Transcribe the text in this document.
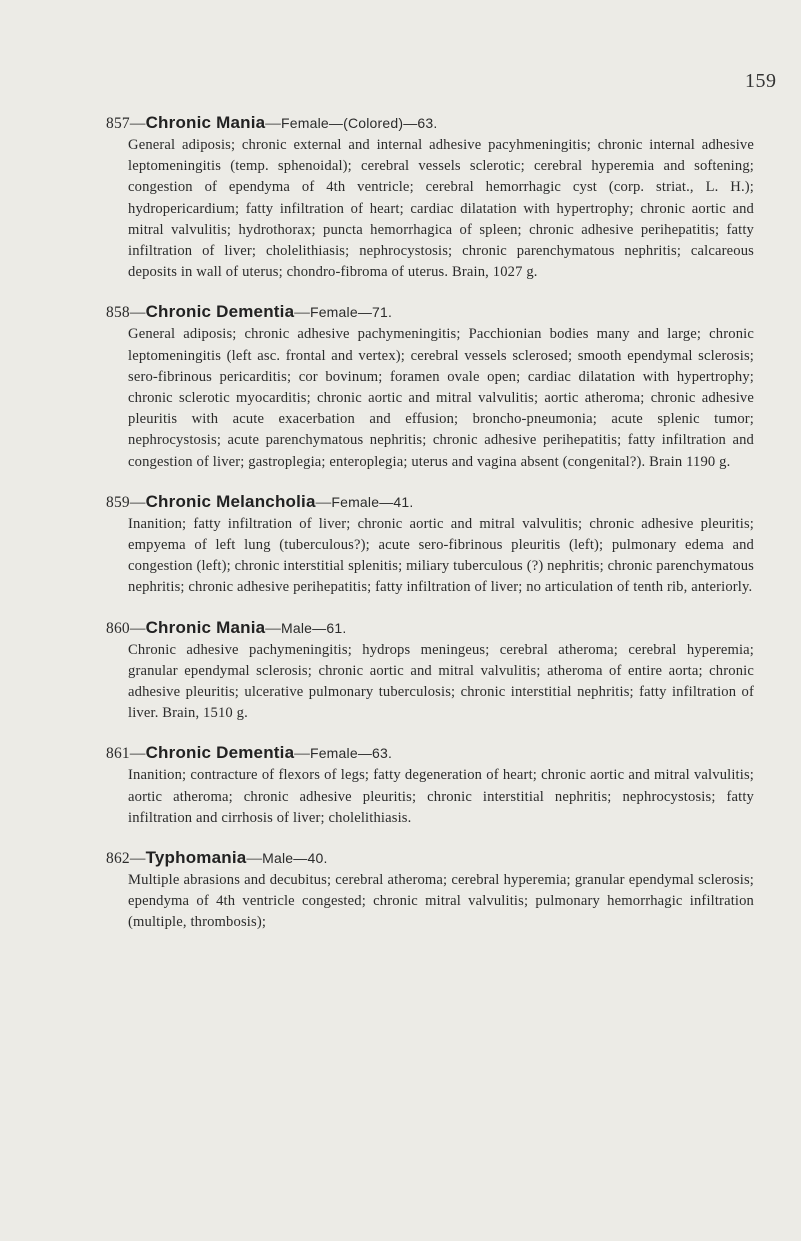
159
857—Chronic Mania—Female—(Colored)—63.
General adiposis; chronic external and internal adhesive pacyhmeningitis; chronic internal adhesive leptomeningitis (temp. sphenoidal); cerebral vessels sclerotic; cerebral hyperemia and softening; congestion of ependyma of 4th ventricle; cerebral hemorrhagic cyst (corp. striat., L. H.); hydropericardium; fatty infiltration of heart; cardiac dilatation with hypertrophy; chronic aortic and mitral valvulitis; hydrothorax; puncta hemorrhagica of spleen; chronic adhesive perihepatitis; fatty infiltration of liver; cholelithiasis; nephrocystosis; chronic parenchymatous nephritis; calcareous deposits in wall of uterus; chondro-fibroma of uterus. Brain, 1027 g.
858—Chronic Dementia—Female—71.
General adiposis; chronic adhesive pachymeningitis; Pacchionian bodies many and large; chronic leptomeningitis (left asc. frontal and vertex); cerebral vessels sclerosed; smooth ependymal sclerosis; sero-fibrinous pericarditis; cor bovinum; foramen ovale open; cardiac dilatation with hypertrophy; chronic sclerotic myocarditis; chronic aortic and mitral valvulitis; aortic atheroma; chronic adhesive pleuritis with acute exacerbation and effusion; broncho-pneumonia; acute splenic tumor; nephrocystosis; acute parenchymatous nephritis; chronic adhesive perihepatitis; fatty infiltration and congestion of liver; gastroplegia; enteroplegia; uterus and vagina absent (congenital?). Brain 1190 g.
859—Chronic Melancholia—Female—41.
Inanition; fatty infiltration of liver; chronic aortic and mitral valvulitis; chronic adhesive pleuritis; empyema of left lung (tuberculous?); acute sero-fibrinous pleuritis (left); pulmonary edema and congestion (left); chronic interstitial splenitis; miliary tuberculous (?) nephritis; chronic parenchymatous nephritis; chronic adhesive perihepatitis; fatty infiltration of liver; no articulation of tenth rib, anteriorly.
860—Chronic Mania—Male—61.
Chronic adhesive pachymeningitis; hydrops meningeus; cerebral atheroma; cerebral hyperemia; granular ependymal sclerosis; chronic aortic and mitral valvulitis; atheroma of entire aorta; chronic adhesive pleuritis; ulcerative pulmonary tuberculosis; chronic interstitial nephritis; fatty infiltration of liver. Brain, 1510 g.
861—Chronic Dementia—Female—63.
Inanition; contracture of flexors of legs; fatty degeneration of heart; chronic aortic and mitral valvulitis; aortic atheroma; chronic adhesive pleuritis; chronic interstitial nephritis; nephrocystosis; fatty infiltration and cirrhosis of liver; cholelithiasis.
862—Typhomania—Male—40.
Multiple abrasions and decubitus; cerebral atheroma; cerebral hyperemia; granular ependymal sclerosis; ependyma of 4th ventricle congested; chronic mitral valvulitis; pulmonary hemorrhagic infiltration (multiple, thrombosis);
